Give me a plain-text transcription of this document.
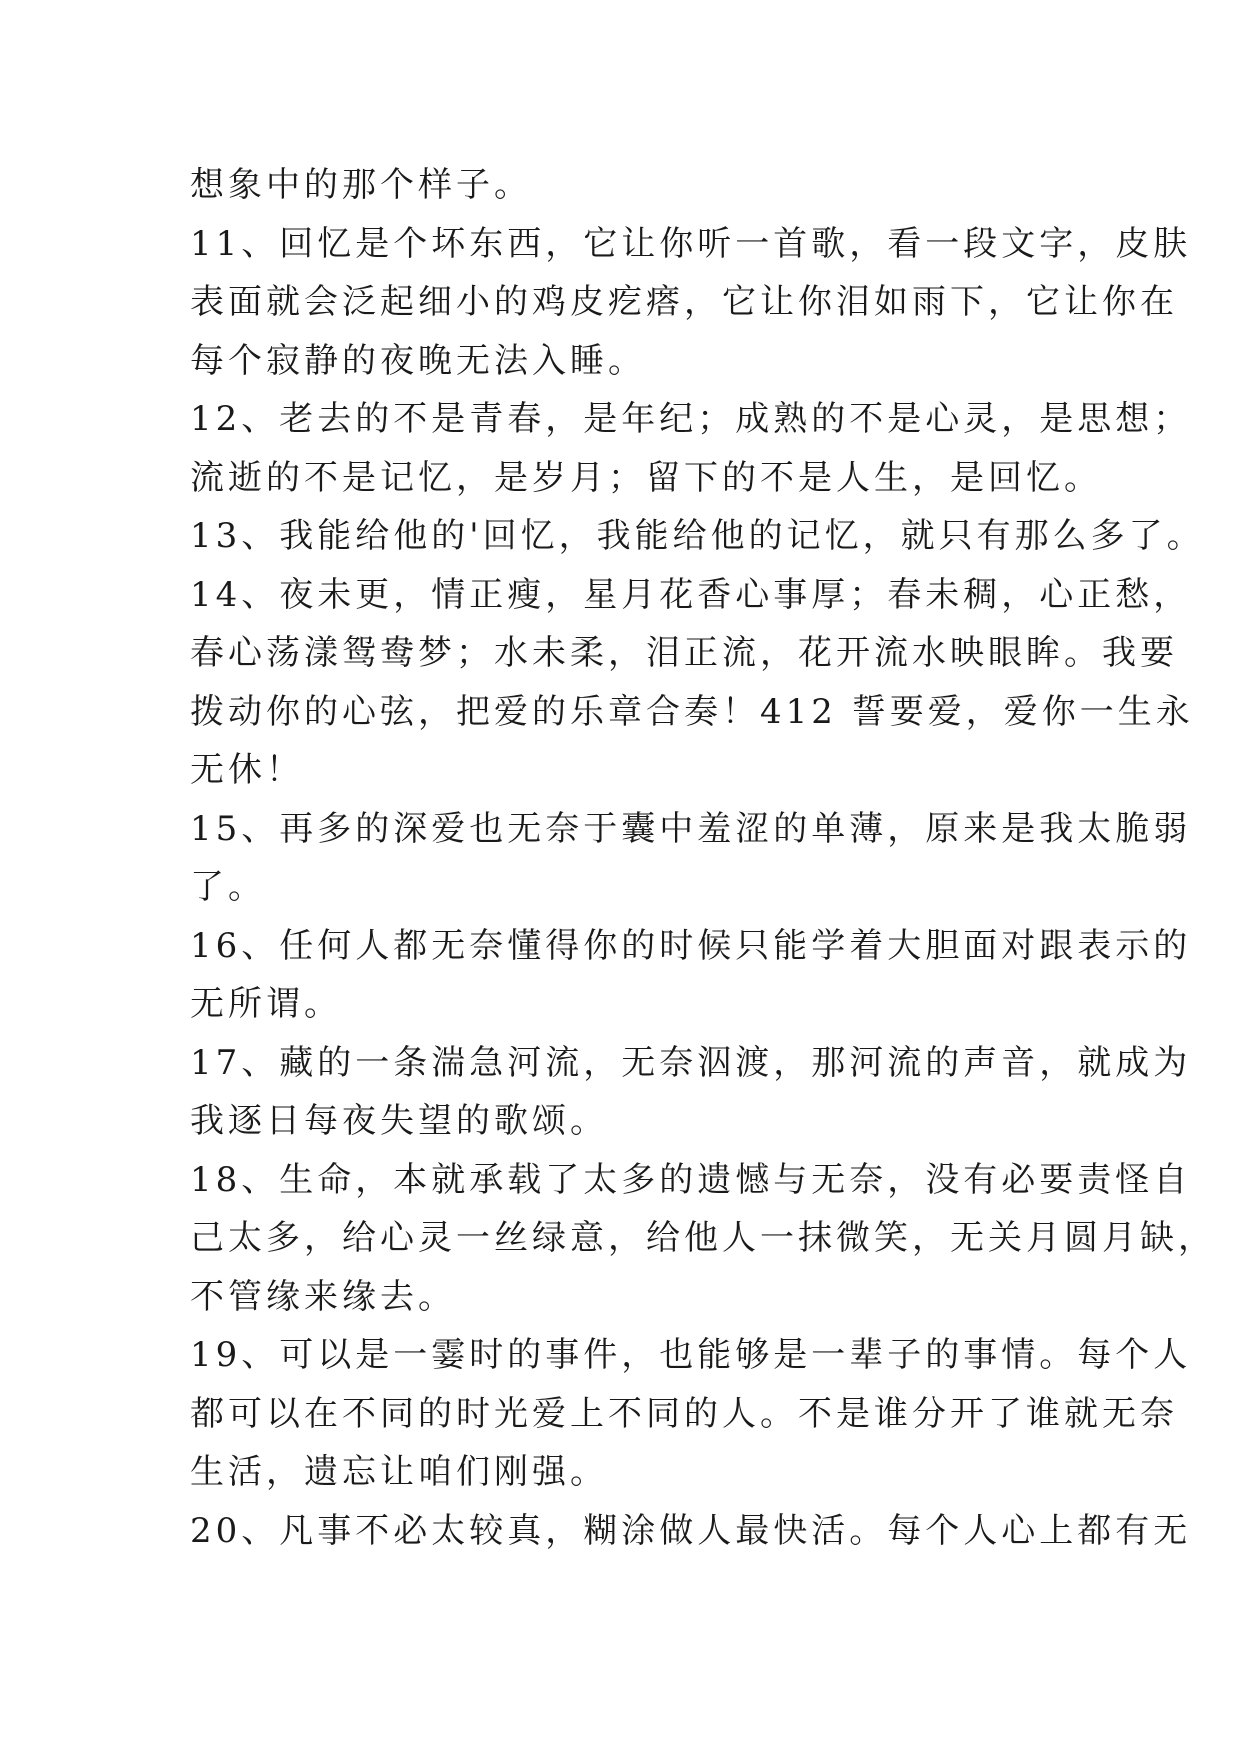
想象中的那个样子。
11、回忆是个坏东西，它让你听一首歌，看一段文字，皮肤
表面就会泛起细小的鸡皮疙瘩，它让你泪如雨下，它让你在
每个寂静的夜晚无法入睡。
12、老去的不是青春，是年纪；成熟的不是心灵，是思想；
流逝的不是记忆，是岁月；留下的不是人生，是回忆。
13、我能给他的'回忆，我能给他的记忆，就只有那么多了。
14、夜未更，情正瘦，星月花香心事厚；春未稠，心正愁，
春心荡漾鸳鸯梦；水未柔，泪正流，花开流水映眼眸。我要
拨动你的心弦，把爱的乐章合奏！412 誓要爱，爱你一生永
无休！
15、再多的深爱也无奈于囊中羞涩的单薄，原来是我太脆弱
了。
16、任何人都无奈懂得你的时候只能学着大胆面对跟表示的
无所谓。
17、藏的一条湍急河流，无奈泅渡，那河流的声音，就成为
我逐日每夜失望的歌颂。
18、生命，本就承载了太多的遗憾与无奈，没有必要责怪自
己太多，给心灵一丝绿意，给他人一抹微笑，无关月圆月缺，
不管缘来缘去。
19、可以是一霎时的事件，也能够是一辈子的事情。每个人
都可以在不同的时光爱上不同的人。不是谁分开了谁就无奈
生活，遗忘让咱们刚强。
20、凡事不必太较真，糊涂做人最快活。每个人心上都有无
